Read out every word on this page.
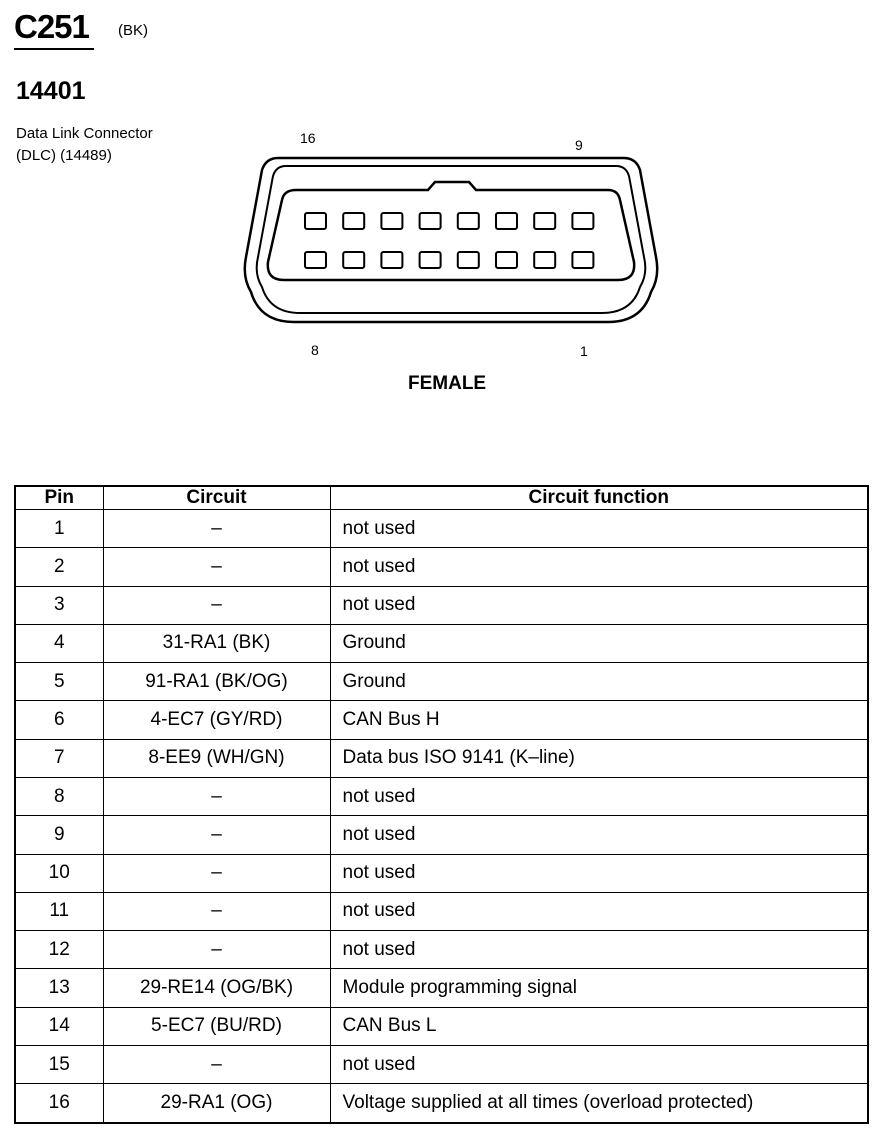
C251 (BK)
14401
Data Link Connector
(DLC) (14489)
16	9
8	1
FEMALE
Pin	Circuit	Circuit function
1	–	not used
2	–	not used
3	–	not used
4	31-RA1 (BK)	Ground
5	91-RA1 (BK/OG)	Ground
6	4-EC7 (GY/RD)	CAN Bus H
7	8-EE9 (WH/GN)	Data bus ISO 9141 (K–line)
8	–	not used
9	–	not used
10	–	not used
11	–	not used
12	–	not used
13	29-RE14 (OG/BK)	Module programming signal
14	5-EC7 (BU/RD)	CAN Bus L
15	–	not used
16	29-RA1 (OG)	Voltage supplied at all times (overload protected)
